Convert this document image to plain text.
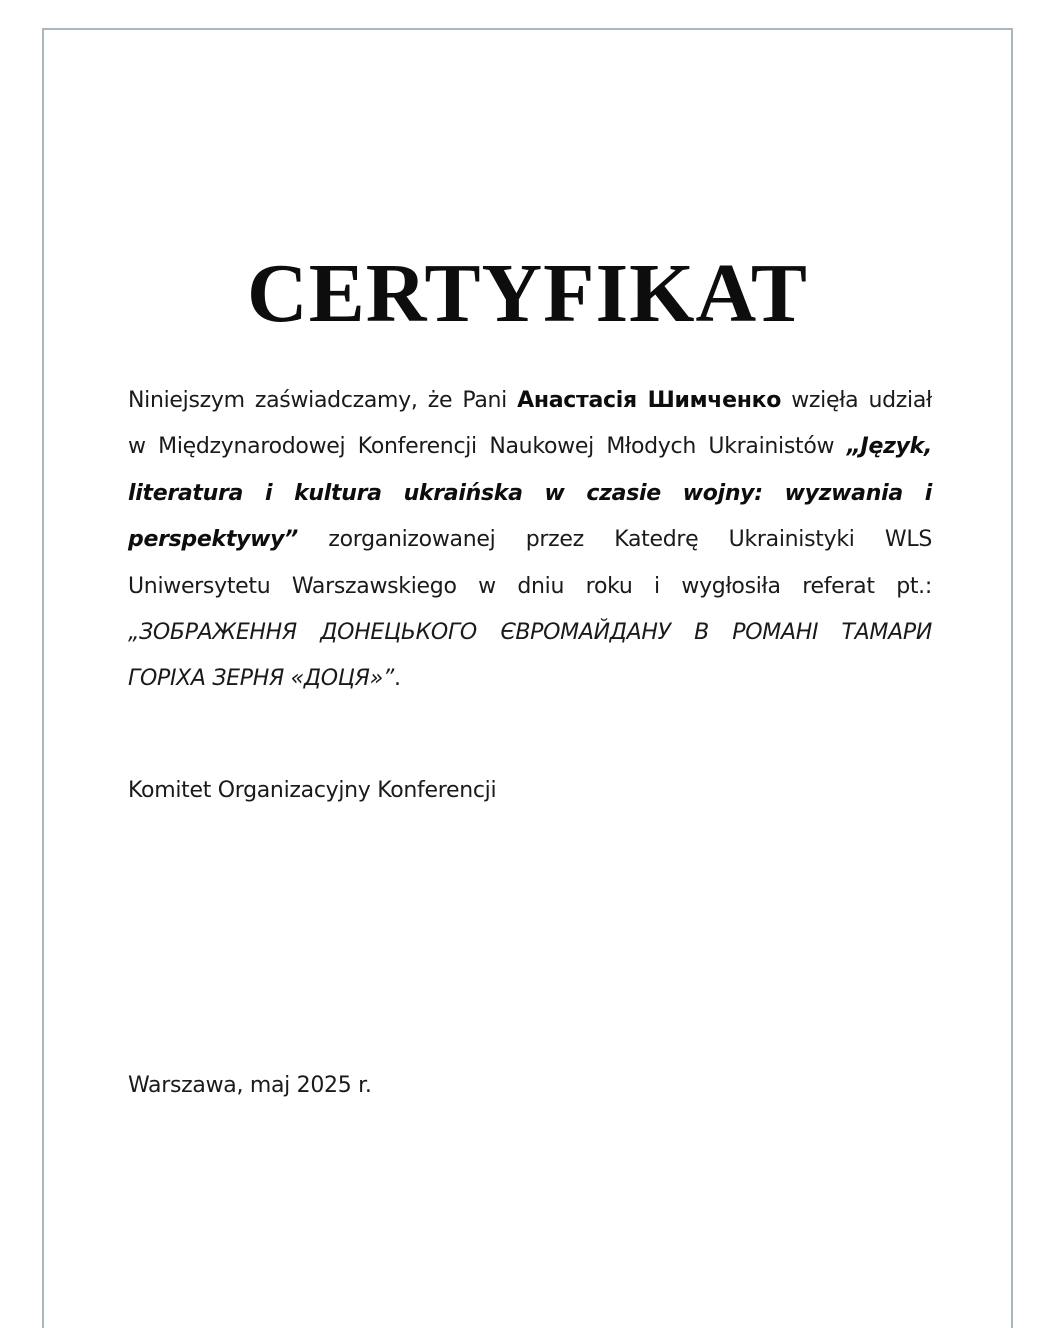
CERTYFIKAT
Niniejszym zaświadczamy, że Pani Анастасія Шимченко wzięła udział w Międzynarodowej Konferencji Naukowej Młodych Ukrainistów „Język, literatura i kultura ukraińska w czasie wojny: wyzwania i perspektywy” zorganizowanej przez Katedrę Ukrainistyki WLS Uniwersytetu Warszawskiego w dniu roku i wygłosiła referat pt.: „ЗОБРАЖЕННЯ ДОНЕЦЬКОГО ЄВРОМАЙДАНУ В РОМАНІ ТАМАРИ ГОРІХА ЗЕРНЯ «ДОЦЯ»”.
Komitet Organizacyjny Konferencji
Warszawa, maj 2025 r.
